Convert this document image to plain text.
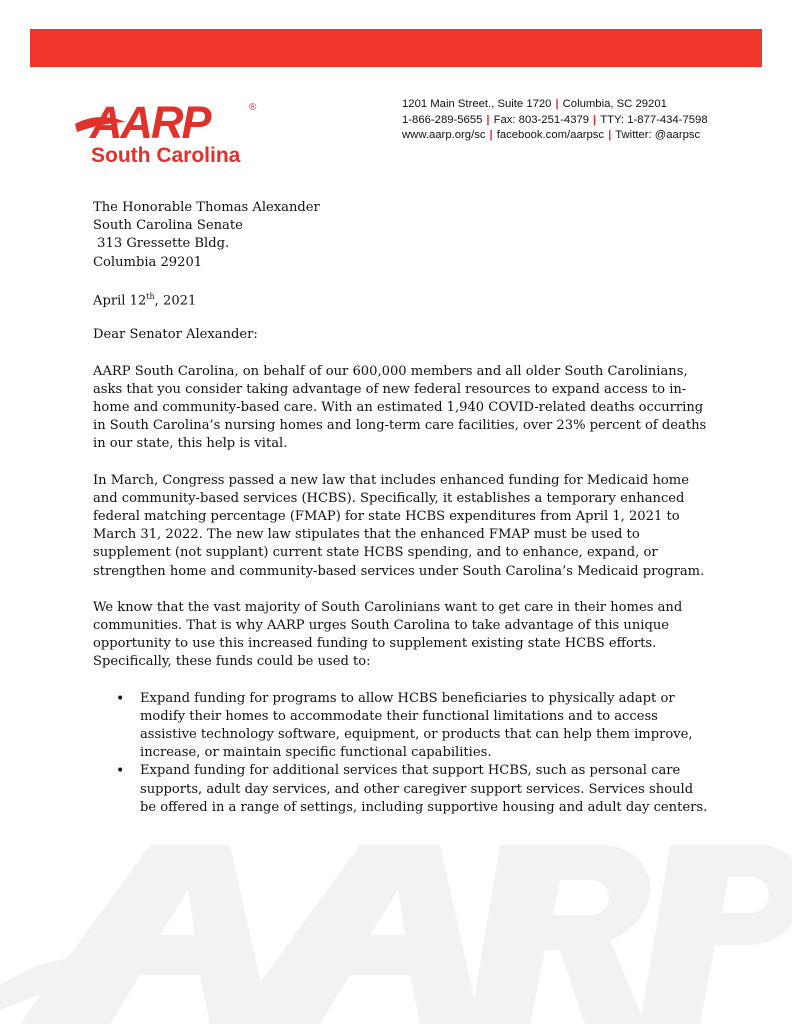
AARP	®
South Carolina
1201 Main Street., Suite 1720 | Columbia, SC 29201
1-866-289-5655 | Fax: 803-251-4379 | TTY: 1-877-434-7598
www.aarp.org/sc | facebook.com/aarpsc | Twitter: @aarpsc
The Honorable Thomas Alexander
South Carolina Senate
313 Gressette Bldg.
Columbia 29201

April 12th, 2021

Dear Senator Alexander:

AARP South Carolina, on behalf of our 600,000 members and all older South Carolinians, asks that you consider taking advantage of new federal resources to expand access to in-home and community-based care. With an estimated 1,940 COVID-related deaths occurring in South Carolina’s nursing homes and long-term care facilities, over 23% percent of deaths in our state, this help is vital.

In March, Congress passed a new law that includes enhanced funding for Medicaid home and community-based services (HCBS). Specifically, it establishes a temporary enhanced federal matching percentage (FMAP) for state HCBS expenditures from April 1, 2021 to March 31, 2022. The new law stipulates that the enhanced FMAP must be used to supplement (not supplant) current state HCBS spending, and to enhance, expand, or strengthen home and community-based services under South Carolina’s Medicaid program.

We know that the vast majority of South Carolinians want to get care in their homes and communities. That is why AARP urges South Carolina to take advantage of this unique opportunity to use this increased funding to supplement existing state HCBS efforts. Specifically, these funds could be used to:

• Expand funding for programs to allow HCBS beneficiaries to physically adapt or modify their homes to accommodate their functional limitations and to access assistive technology software, equipment, or products that can help them improve, increase, or maintain specific functional capabilities.
• Expand funding for additional services that support HCBS, such as personal care supports, adult day services, and other caregiver support services. Services should be offered in a range of settings, including supportive housing and adult day centers.
